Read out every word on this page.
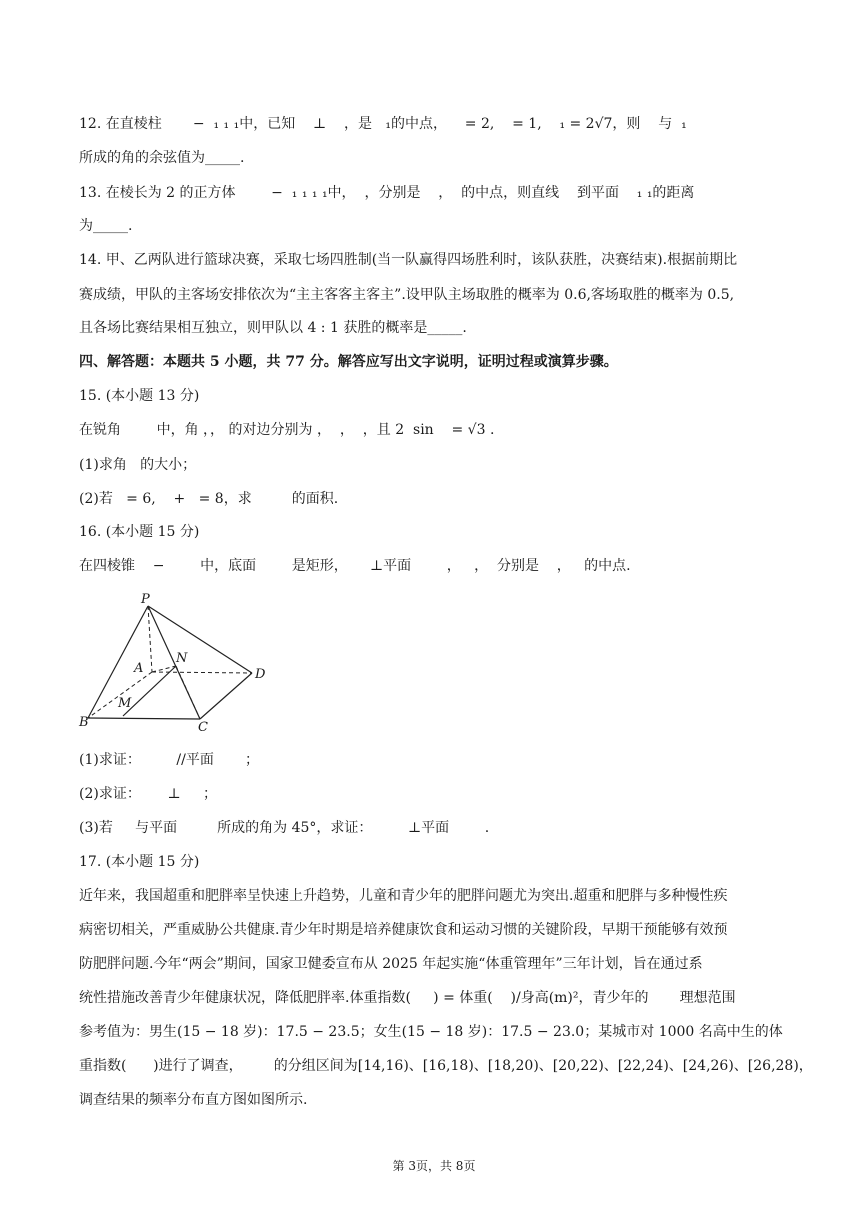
12. 在直棱柱       −  ₁ ₁ ₁中，已知    ⊥    ，是   ₁的中点，    = 2,    = 1,    ₁ = 2√7，则    与  ₁
所成的角的余弦值为_____.
13. 在棱长为 2 的正方体        −  ₁ ₁ ₁ ₁中，  ，分别是    ，  的中点，则直线    到平面    ₁ ₁的距离
为_____.
14. 甲、乙两队进行篮球决赛，采取七场四胜制(当一队赢得四场胜利时，该队获胜，决赛结束).根据前期比
赛成绩，甲队的主客场安排依次为“主主客客主客主”.设甲队主场取胜的概率为 0.6,客场取胜的概率为 0.5,
且各场比赛结果相互独立，则甲队以 4 : 1 获胜的概率是_____.
四、解答题：本题共 5 小题，共 77 分。解答应写出文字说明，证明过程或演算步骤。
15. (本小题 13 分)
在锐角        中，角 ，， 的对边分别为 ，  ，  ，且 2  sin    = √3 .
(1)求角   的大小；
(2)若   = 6,    +   = 8，求         的面积.
16. (本小题 15 分)
在四棱锥    −        中，底面        是矩形，     ⊥平面        ，   ，  分别是    ，   的中点.
P
N
A	D
M
B	C
(1)求证：        //平面       ；
(2)求证：      ⊥     ；
(3)若     与平面         所成的角为 45°，求证：        ⊥平面        .
17. (本小题 15 分)
近年来，我国超重和肥胖率呈快速上升趋势，儿童和青少年的肥胖问题尤为突出.超重和肥胖与多种慢性疾
病密切相关，严重威胁公共健康.青少年时期是培养健康饮食和运动习惯的关键阶段，早期干预能够有效预
防肥胖问题.今年“两会”期间，国家卫健委宣布从 2025 年起实施“体重管理年”三年计划，旨在通过系
统性措施改善青少年健康状况，降低肥胖率.体重指数(     ) = 体重(    )/身高(m)²，青少年的       理想范围
参考值为：男生(15 − 18 岁)：17.5 − 23.5；女生(15 − 18 岁)：17.5 − 23.0；某城市对 1000 名高中生的体
重指数(      )进行了调查，       的分组区间为[14,16)、[16,18)、[18,20)、[20,22)、[22,24)、[24,26)、[26,28)，
调查结果的频率分布直方图如图所示.
第 3页，共 8页
